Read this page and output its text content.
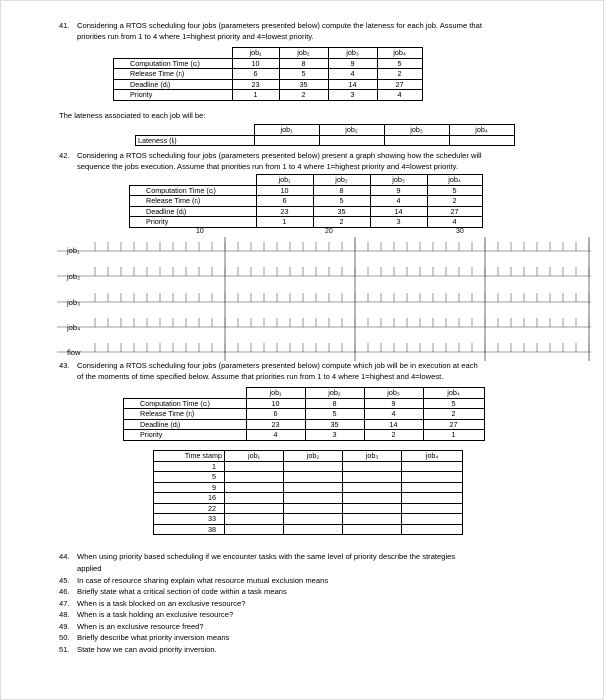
41. Considering a RTOS scheduling four jobs (parameters presented below) compute the lateness for each job. Assume that
priorities run from 1 to 4 where 1=highest priority and 4=lowest priority.
	job₁	job₂	job₃	job₄
Computation Time (cᵢ)	10	8	9	5
Release Time (rᵢ)	6	5	4	2
Deadline (dᵢ)	23	35	14	27
Priority	1	2	3	4
The lateness associated to each job will be:
	job₁	job₂	job₃	job₄
Lateness (lᵢ)				
42. Considering a RTOS scheduling four jobs (parameters presented below) present a graph showing how the scheduler will
sequence the jobs execution. Assume that priorities run from 1 to 4 where 1=highest priority and 4=lowest priority.
	job₁	job₂	job₃	job₄
Computation Time (cᵢ)	10	8	9	5
Release Time (rᵢ)	6	5	4	2
Deadline (dᵢ)	23	35	14	27
Priority	1	2	3	4
10	20	30
job₁
job₂
job₃
job₄
flow
43. Considering a RTOS scheduling four jobs (parameters presented below) compute which job will be in execution at each
of the moments of time specified below. Assume that priorities run from 1 to 4 where 1=highest and 4=lowest.
	job₁	job₂	job₃	job₄
Computation Time (cᵢ)	10	8	9	5
Release Time (rᵢ)	6	5	4	2
Deadline (dᵢ)	23	35	14	27
Priority	4	3	2	1
Time stamp	job₁	job₂	job₃	job₄
1				
5				
9				
16				
22				
33				
38				
44. When using priority based scheduling if we encounter tasks with the same level of priority describe the strategies
applied
45. In case of resource sharing explain what resource mutual exclusion means
46. Briefly state what a critical section of code within a task means
47. When is a task blocked on an exclusive resource?
48. When is a task holding an exclusive resource?
49. When is an exclusive resource freed?
50. Briefly describe what priority inversion means
51. State how we can avoid priority inversion.
